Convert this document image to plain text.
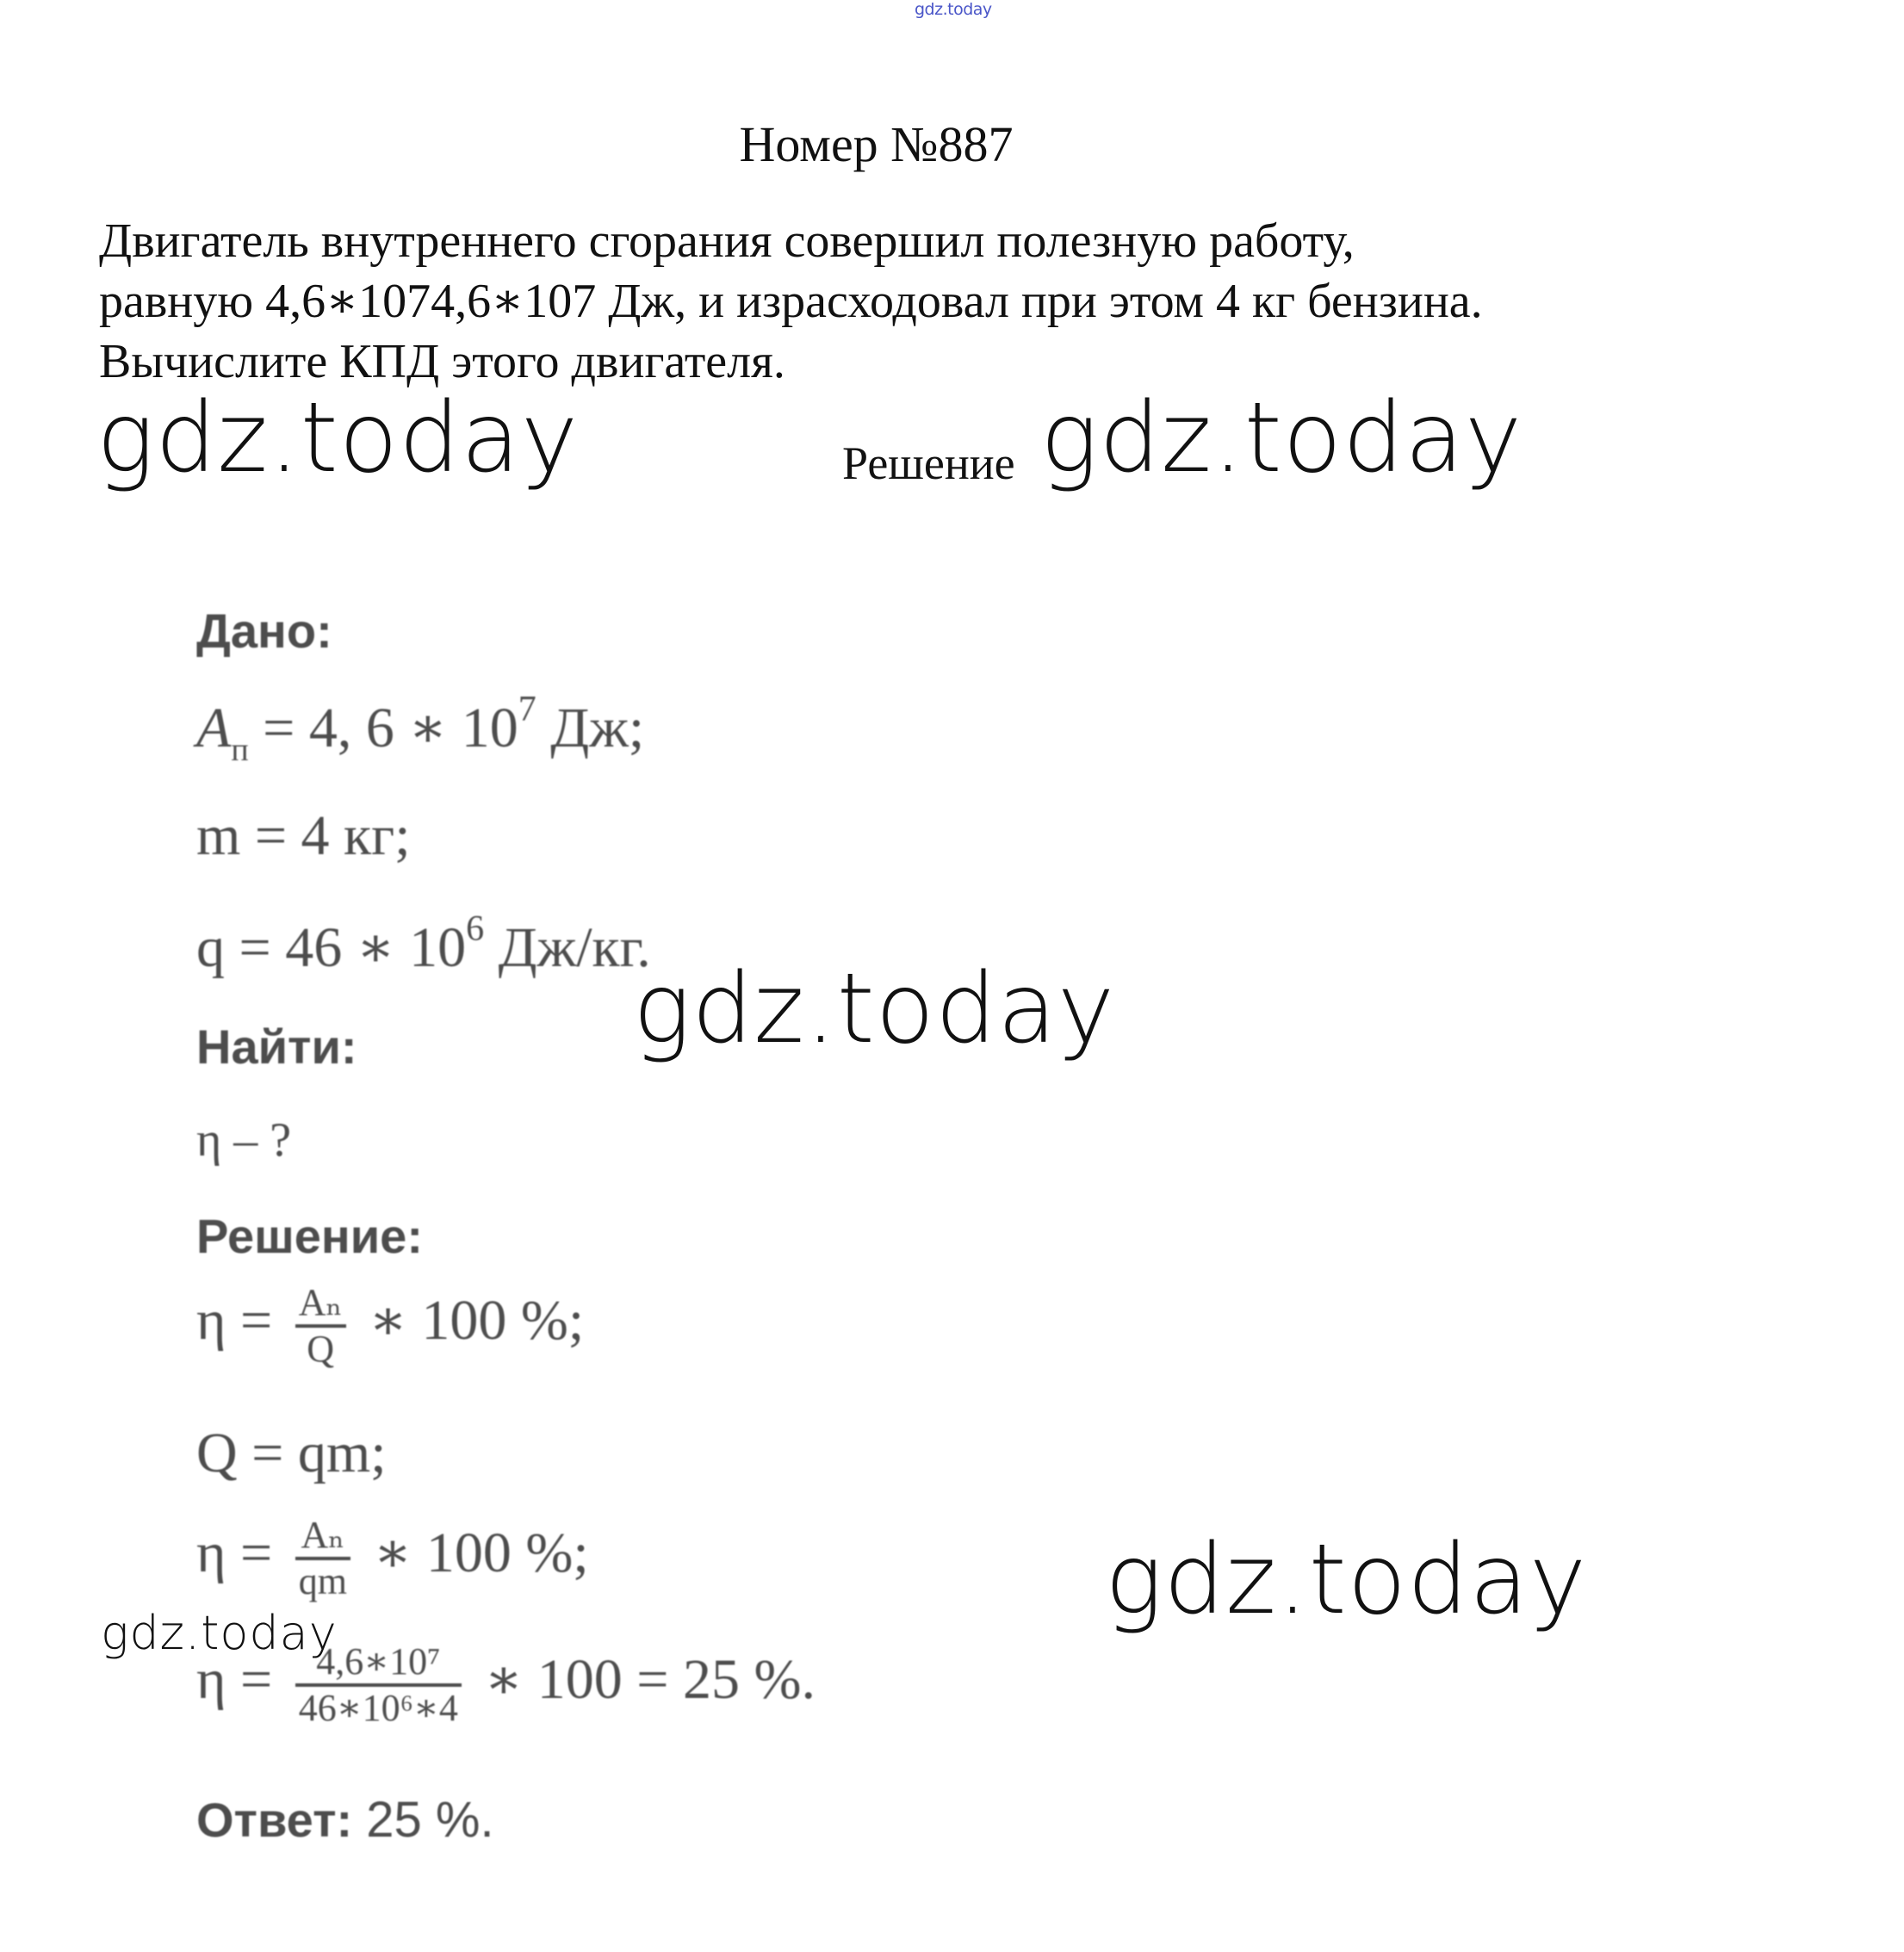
gdz.today
Номер №887
Двигатель внутреннего сгорания совершил полезную работу,
равную 4,6∗1074,6∗107 Дж, и израсходовал при этом 4 кг бензина.
Вычислите КПД этого двигателя.
gdz.today	Решение gdz.today
gdz.today
gdz.today
gdz.today
Дано:
$A_п = 4$, 6 ∗ $10^7$ Дж;
m = 4 кг;
q = 46 ∗ $10^6$ Дж/кг.
Найти:
η – ?
Решение:
$\eta = \frac{\text{Aₙ}}{Q}$ ∗ 100 %;
Q = qm;
$\eta = \frac{\text{Aₙ}}{qm}$ ∗ 100 %;
$\eta = \frac{\text{4,6∗10⁷}}{\text{46∗10⁶∗4}}$ ∗ 100 = 25 %.
Ответ: 25 %.
